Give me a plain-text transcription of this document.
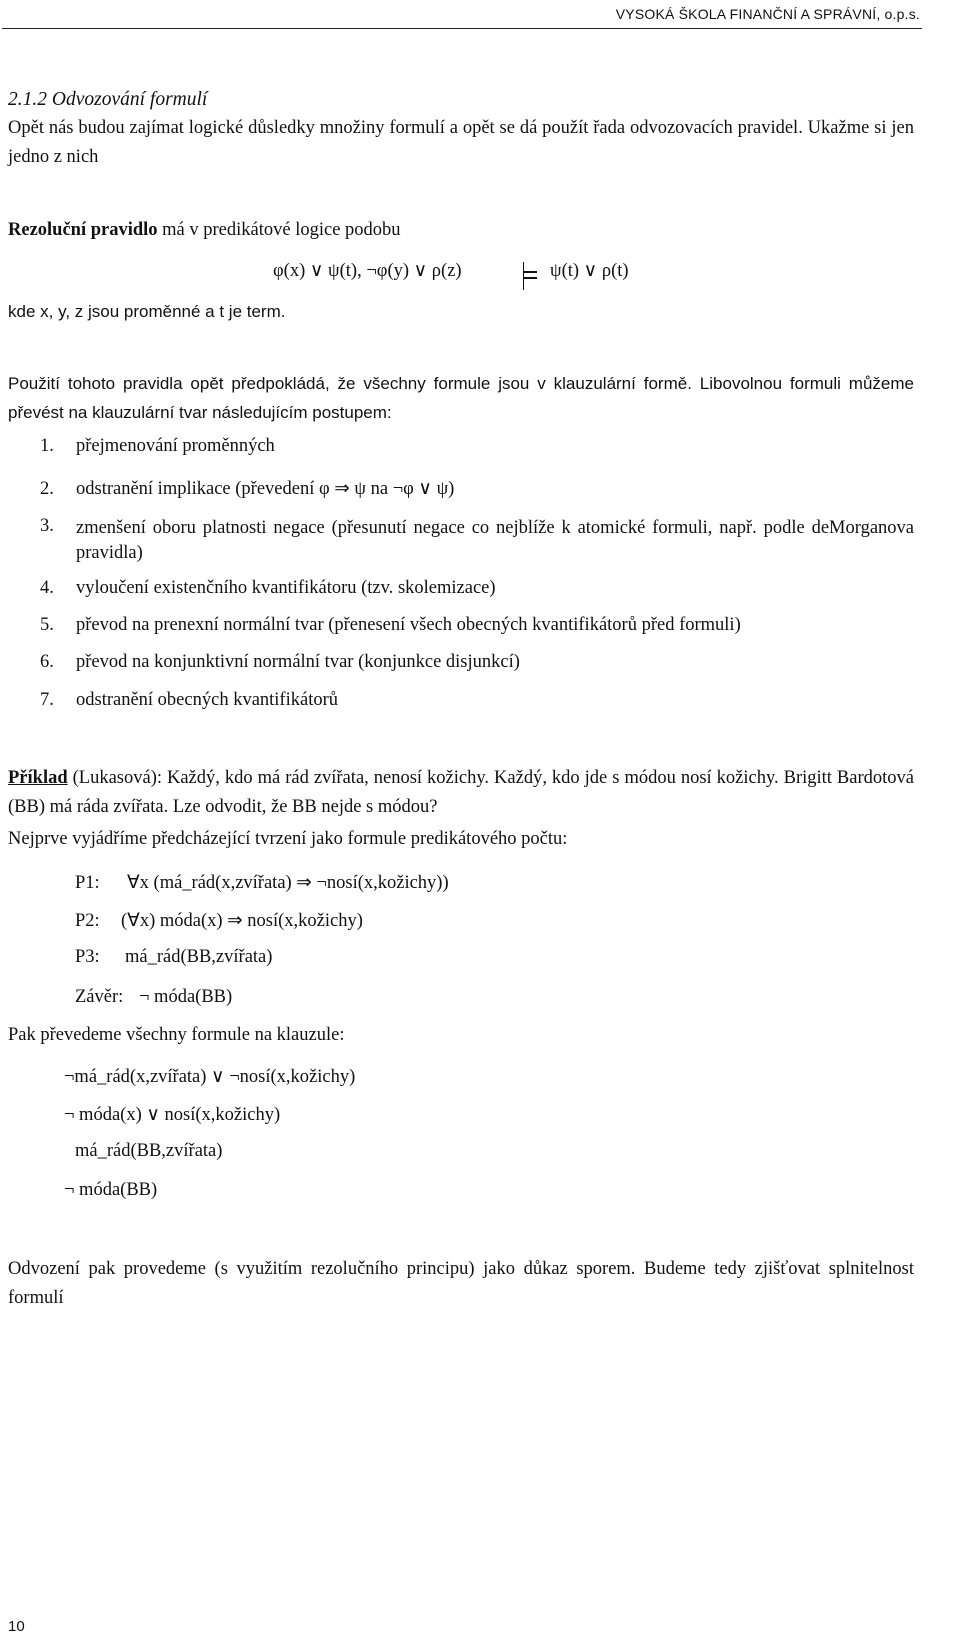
VYSOKÁ ŠKOLA FINANČNÍ A SPRÁVNÍ, o.p.s.
2.1.2 Odvozování formulí
Opět nás budou zajímat logické důsledky množiny formulí a opět se dá použít řada odvozovacích pravidel. Ukažme si jen jedno z nich
Rezoluční pravidlo má v predikátové logice podobu
φ(x) ∨ ψ(t), ¬φ(y) ∨ ρ(z)	ψ(t) ∨ ρ(t)
kde x, y, z jsou proměnné a t je term.
Použití tohoto pravidla opět předpokládá, že všechny formule jsou v klauzulární formě. Libovolnou formuli můžeme převést na klauzulární tvar následujícím postupem:
1. přejmenování proměnných
2. odstranění implikace (převedení φ ⇒ ψ na ¬φ ∨ ψ)
3.	zmenšení oboru platnosti negace (přesunutí negace co nejblíže k atomické formuli, např. podle deMorganova pravidla)
4. vyloučení existenčního kvantifikátoru (tzv. skolemizace)
5. převod na prenexní normální tvar (přenesení všech obecných kvantifikátorů před formuli)
6. převod na konjunktivní normální tvar (konjunkce disjunkcí)
7. odstranění obecných kvantifikátorů
Příklad (Lukasová): Každý, kdo má rád zvířata, nenosí kožichy. Každý, kdo jde s módou nosí kožichy. Brigitt Bardotová (BB) má ráda zvířata. Lze odvodit, že BB nejde s módou?
Nejprve vyjádříme předcházející tvrzení jako formule predikátového počtu:
P1: ∀x (má_rád(x,zvířata) ⇒ ¬nosí(x,kožichy))
P2: (∀x) móda(x) ⇒ nosí(x,kožichy)
P3: má_rád(BB,zvířata)
Závěr: ¬ móda(BB)
Pak převedeme všechny formule na klauzule:
¬má_rád(x,zvířata) ∨ ¬nosí(x,kožichy)
¬ móda(x) ∨ nosí(x,kožichy)
má_rád(BB,zvířata)
¬ móda(BB)
Odvození pak provedeme (s využitím rezolučního principu) jako důkaz sporem. Budeme tedy zjišťovat splnitelnost formulí
10
